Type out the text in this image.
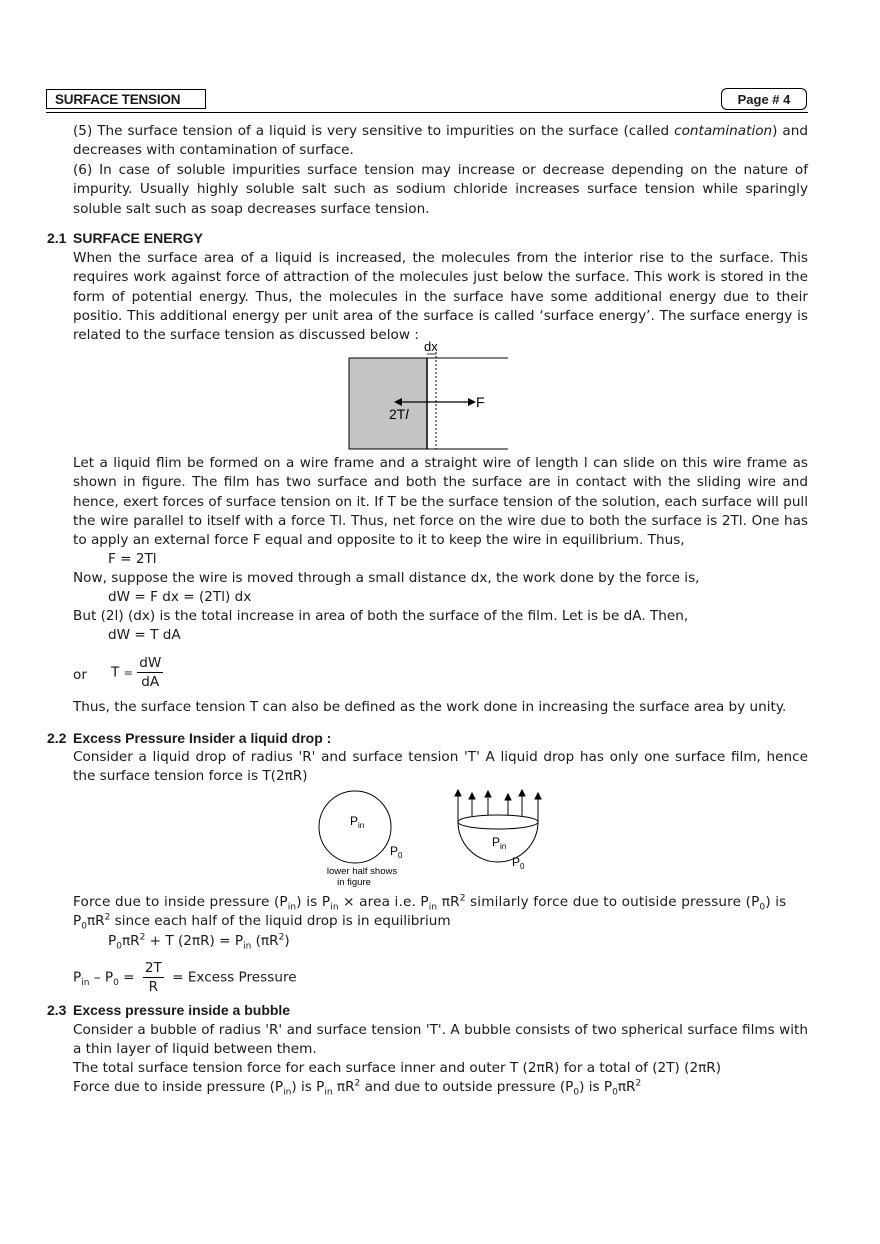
SURFACE TENSION	Page # 4

(5) The surface tension of a liquid is very sensitive to impurities on the surface (called contamination) and decreases with contamination of surface.

(6) In case of soluble impurities surface tension may increase or decrease depending on the nature of impurity. Usually highly soluble salt such as sodium chloride increases surface tension while sparingly soluble salt such as soap decreases surface tension.

2.1 SURFACE ENERGY

When the surface area of a liquid is increased, the molecules from the interior rise to the surface. This requires work against force of attraction of the molecules just below the surface. This work is stored in the form of potential energy. Thus, the molecules in the surface have some additional energy due to their positio. This additional energy per unit area of the surface is called ‘surface energy’. The surface energy is related to the surface tension as discussed below :

dx
F
2Tl

Let a liquid flim be formed on a wire frame and a straight wire of length l can slide on this wire frame as shown in figure. The film has two surface and both the surface are in contact with the sliding wire and hence, exert forces of surface tension on it. If T be the surface tension of the solution, each surface will pull the wire parallel to itself with a force Tl. Thus, net force on the wire due to both the surface is 2Tl. One has to apply an external force F equal and opposite to it to keep the wire in equilibrium. Thus,

F = 2Tl
Now, suppose the wire is moved through a small distance dx, the work done by the force is,
dW = F dx = (2Tl) dx
But (2l) (dx) is the total increase in area of both the surface of the film. Let is be dA. Then,
dW = T dA
or $T = \frac{dW}{dA}$
Thus, the surface tension T can also be defined as the work done in increasing the surface area by unity.
2.2 Excess Pressure Insider a liquid drop :

Consider a liquid drop of radius 'R' and surface tension 'T' A liquid drop has only one surface film, hence the surface tension force is T(2πR)

$P_{in}$
$P_0$
lower half shows
in figure
$P_{in}$
$P_0$
Force due to inside pressure $(P_{in})$ is $P_{in}$ × area i.e. $P_{in}$ $\pi R^2$ similarly force due to outiside pressure $(P_0)$ is
$P_0\pi R^2$ since each half of the liquid drop is in equilibrium
$P_0\pi R^2 + T$ $(2\pi R) = P_{in}$ $(\pi R^2)$
$P_{in} - P_0 = \frac{2T}{R}$ = Excess Pressure
2.3 Excess pressure inside a bubble

Consider a bubble of radius 'R' and surface tension 'T'. A bubble consists of two spherical surface films with a thin layer of liquid between them.

The total surface tension force for each surface inner and outer T (2πR) for a total of (2T) (2πR)
Force due to inside pressure $(P_{in})$ is $P_{in}$ $\pi R^2$ and due to outside pressure $(P_0)$ is $P_0\pi R^2$
